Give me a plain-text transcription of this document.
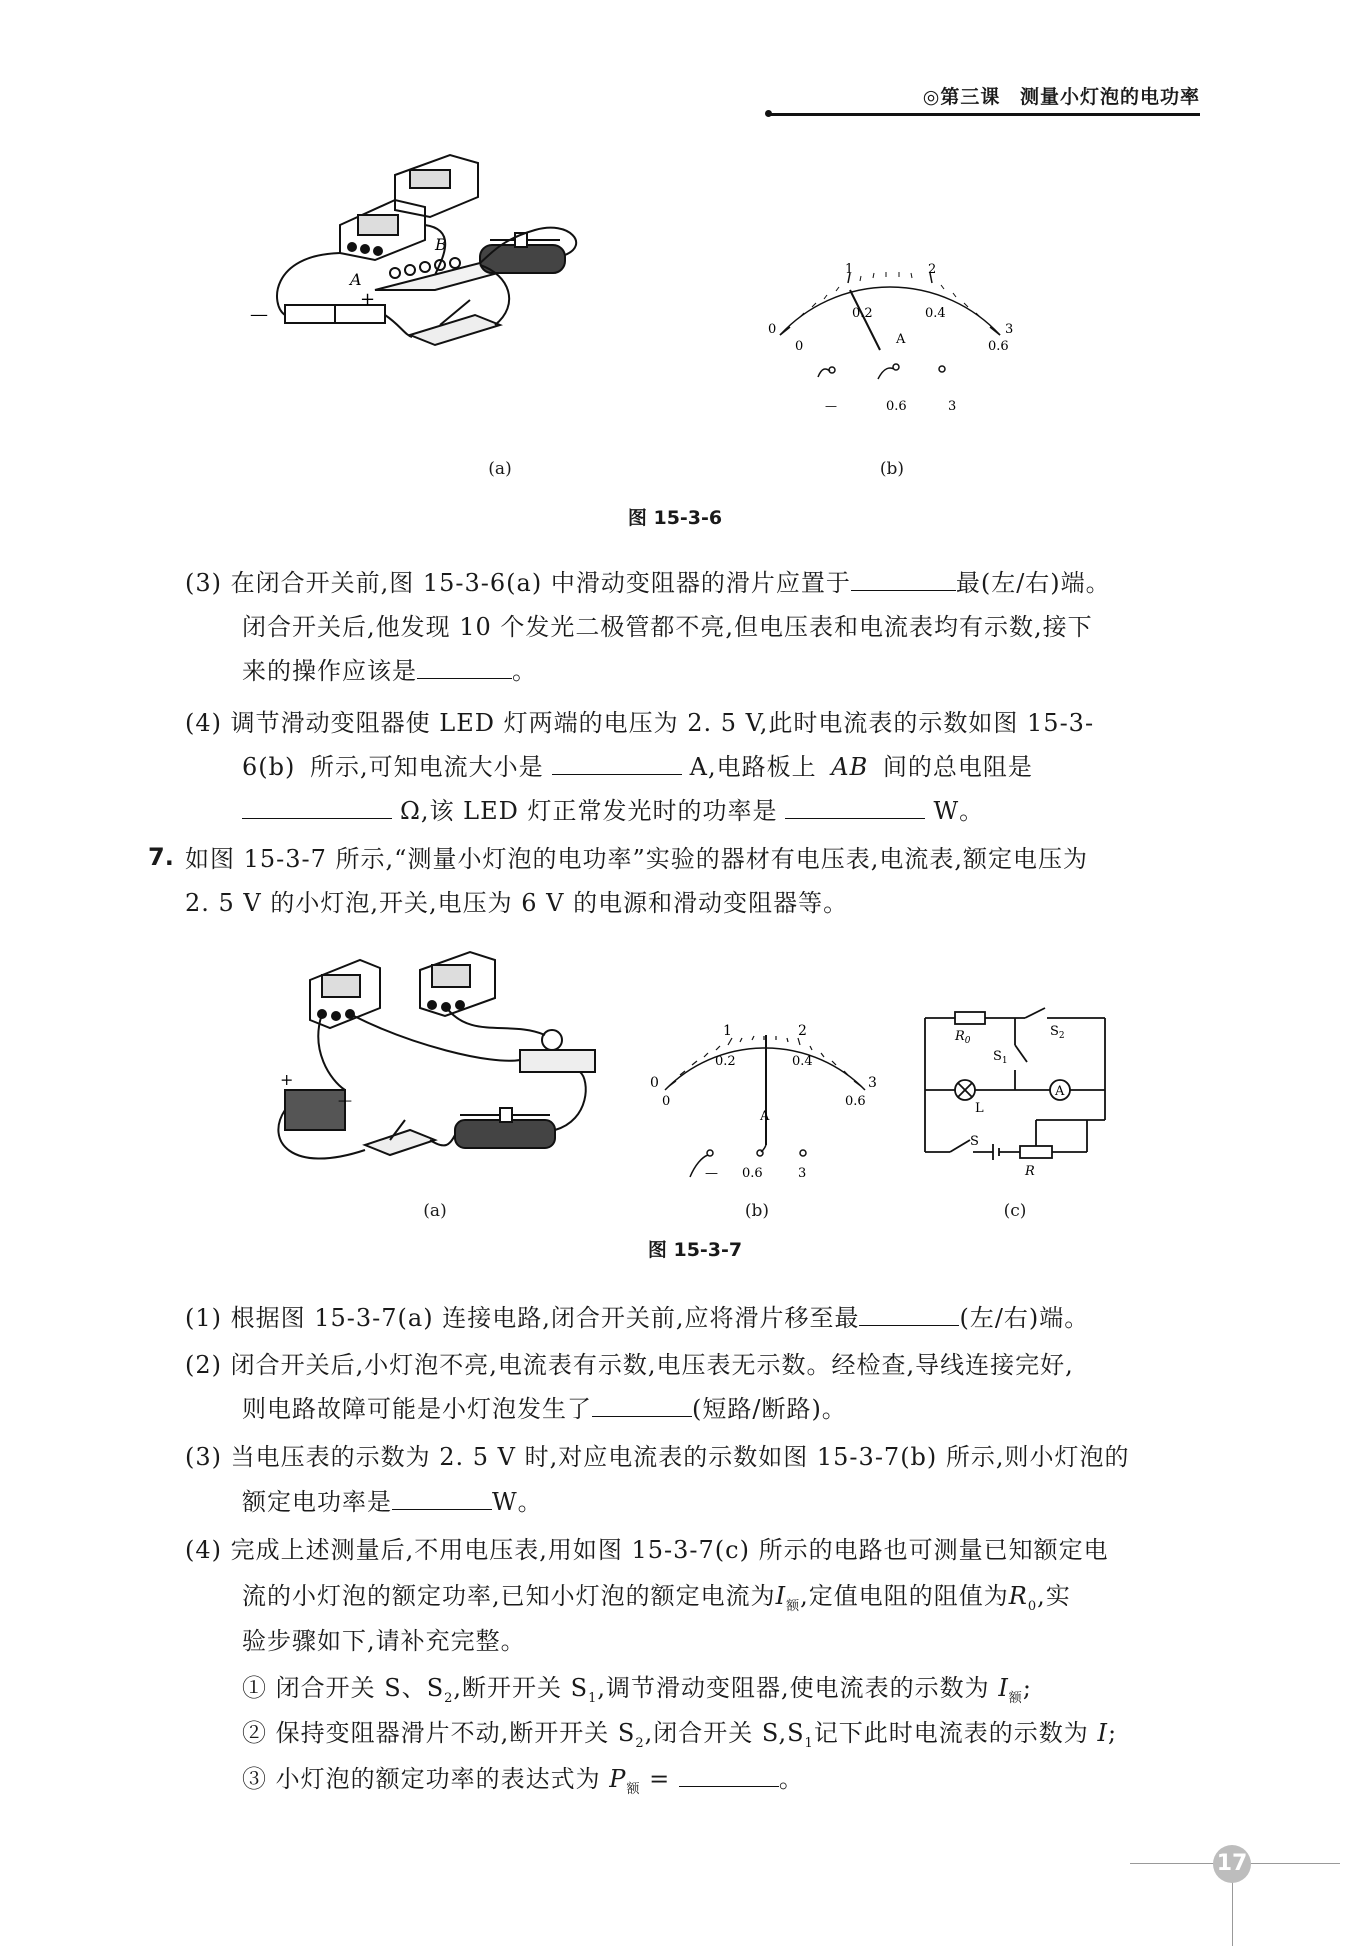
◎第三课 测量小灯泡的电功率
A
B
—
+
(a)
0
1	2
3
0
0.2	0.4
0.6
A
—	0.6	3
(b)
图 15-3-6
(3) 在闭合开关前,图 15-3-6(a) 中滑动变阻器的滑片应置于	最(左/右)端。
闭合开关后,他发现 10 个发光二极管都不亮,但电压表和电流表均有示数,接下
来的操作应该是	。
(4) 调节滑动变阻器使 LED 灯两端的电压为 2. 5 V,此时电流表的示数如图 15-3-
6(b) 所示,可知电流大小是	A,电路板上 AB 间的总电阻是
Ω,该 LED 灯正常发光时的功率是	W。
7. 如图 15-3-7 所示,“测量小灯泡的电功率”实验的器材有电压表,电流表,额定电压为
2. 5 V 的小灯泡,开关,电压为 6 V 的电源和滑动变阻器等。
+
—
(a)
0
1	2
3
0
0.2	0.4
0.6
A
— 0.6	3
(b)
$R_0$
$S_2$
$S_1$
L
A
S
R
(c)
图 15-3-7
(1) 根据图 15-3-7(a) 连接电路,闭合开关前,应将滑片移至最	(左/右)端。
(2) 闭合开关后,小灯泡不亮,电流表有示数,电压表无示数。经检查,导线连接完好,
则电路故障可能是小灯泡发生了	(短路/断路)。
(3) 当电压表的示数为 2. 5 V 时,对应电流表的示数如图 15-3-7(b) 所示,则小灯泡的
额定电功率是	W。
(4) 完成上述测量后,不用电压表,用如图 15-3-7(c) 所示的电路也可测量已知额定电
流的小灯泡的额定功率,已知小灯泡的额定电流为$I_额$,定值电阻的阻值为$R_0$,实
验步骤如下,请补充完整。
① 闭合开关 S、$S_2$,断开开关 $S_1$,调节滑动变阻器,使电流表的示数为 $I_额$;
② 保持变阻器滑片不动,断开开关 $S_2$,闭合开关 $S,S_1$记下此时电流表的示数为 I;
③ 小灯泡的额定功率的表达式为 $P_额$ =	。
17
